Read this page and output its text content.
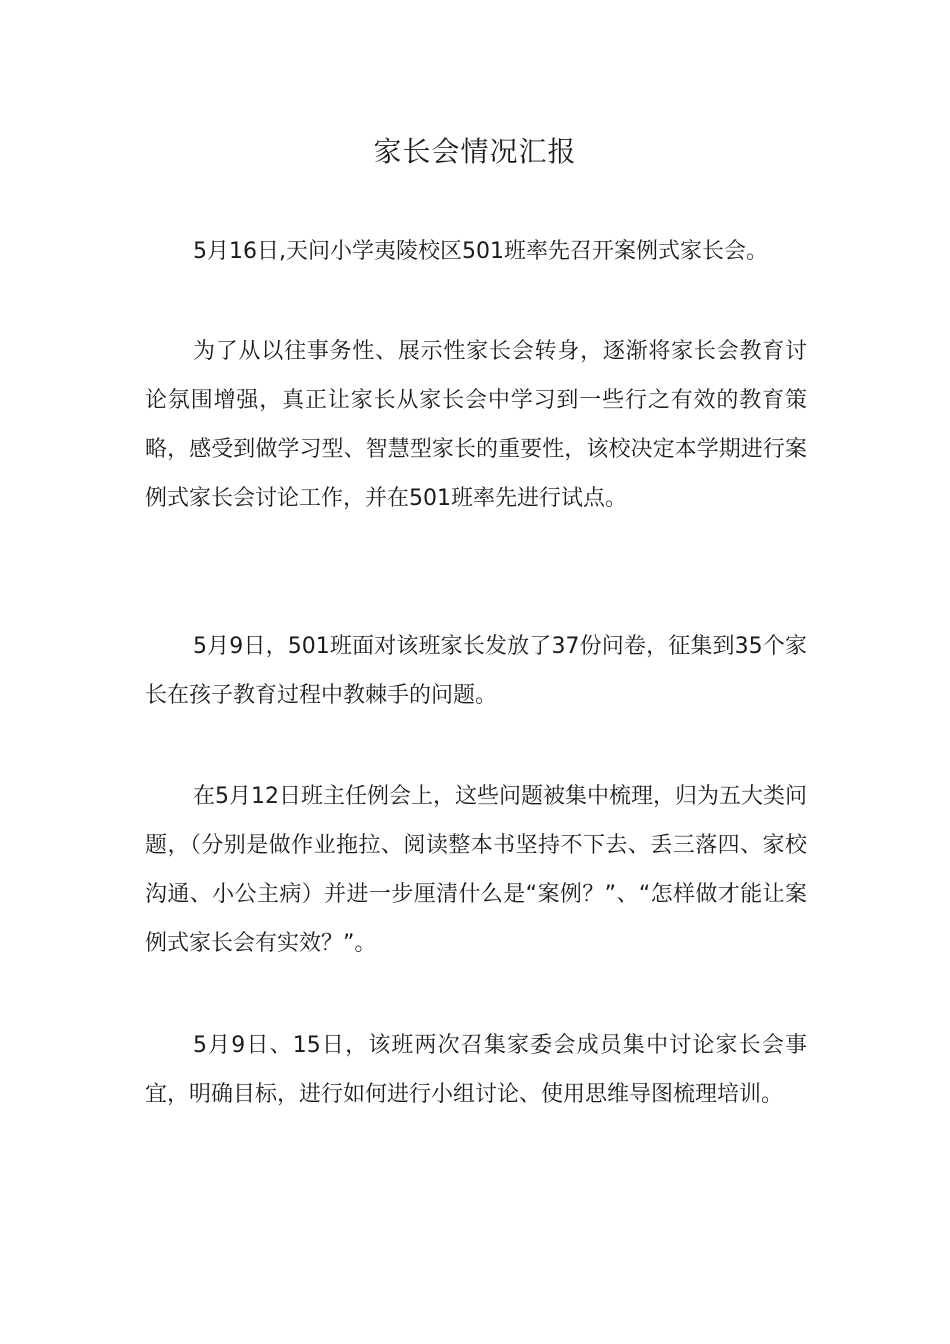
家长会情况汇报

5月16日,天问小学夷陵校区501班率先召开案例式家长会。

为了从以往事务性、展示性家长会转身，逐渐将家长会教育讨论氛围增强，真正让家长从家长会中学习到一些行之有效的教育策略，感受到做学习型、智慧型家长的重要性，该校决定本学期进行案例式家长会讨论工作，并在501班率先进行试点。

5月9日，501班面对该班家长发放了37份问卷，征集到35个家长在孩子教育过程中教棘手的问题。

在5月12日班主任例会上，这些问题被集中梳理，归为五大类问题，（分别是做作业拖拉、阅读整本书坚持不下去、丢三落四、家校沟通、小公主病）并进一步厘清什么是“案例？”、“怎样做才能让案例式家长会有实效？”。

5月9日、15日，该班两次召集家委会成员集中讨论家长会事宜，明确目标，进行如何进行小组讨论、使用思维导图梳理培训。
